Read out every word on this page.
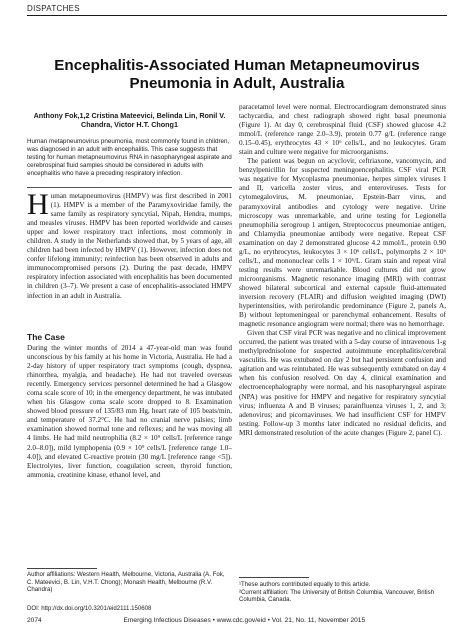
DISPATCHES
Encephalitis-Associated Human Metapneumovirus Pneumonia in Adult, Australia
Anthony Fok,1,2 Cristina Mateevici, Belinda Lin, Ronil V. Chandra, Victor H.T. Chong1
Human metapneumovirus pneumonia, most commonly found in children, was diagnosed in an adult with encephalitis. This case suggests that testing for human metapneumovirus RNA in nasopharyngeal aspirate and cerebrospinal fluid samples should be considered in adults with encephalitis who have a preceding respiratory infection.
Human metapneumovirus (HMPV) was first described in 2001 (1). HMPV is a member of the Paramyxoviridae family, the same family as respiratory syncytial, Nipah, Hendra, mumps, and measles viruses. HMPV has been reported worldwide and causes upper and lower respiratory tract infections, most commonly in children. A study in the Netherlands showed that, by 5 years of age, all children had been infected by HMPV (1). However, infection does not confer lifelong immunity; reinfection has been observed in adults and immunocompromised persons (2). During the past decade, HMPV respiratory infection associated with encephalitis has been documented in children (3–7). We present a case of encephalitis-associated HMPV infection in an adult in Australia.
The Case

During the winter months of 2014 a 47-year-old man was found unconscious by his family at his home in Victoria, Australia. He had a 2-day history of upper respiratory tract symptoms (cough, dyspnea, rhinorrhea, myalgia, and headache). He had not traveled overseas recently. Emergency services personnel determined he had a Glasgow coma scale score of 10; in the emergency department, he was intubated when his Glasgow coma scale score dropped to 8. Examination showed blood pressure of 135/83 mm Hg, heart rate of 105 beats/min, and temperature of 37.2°C. He had no cranial nerve palsies; limb examination showed normal tone and reflexes; and he was moving all 4 limbs. He had mild neutrophilia (8.2 × 10⁹ cells/L [reference range 2.0–8.0]), mild lymphopenia (0.9 × 10⁹ cells/L [reference range 1.0–4.0]), and elevated C-reactive protein (30 mg/L [reference range <5]). Electrolytes, liver function, coagulation screen, thyroid function, ammonia, creatinine kinase, ethanol level, and

Author affiliations: Western Health, Melbourne, Victoria, Australia (A. Fok, C. Mateevici, B. Lin, V.H.T. Chong); Monash Health, Melbourne (R.V. Chandra)
DOI: http://dx.doi.org/10.3201/eid2111.150608

paracetamol level were normal. Electrocardiogram demonstrated sinus tachycardia, and chest radiograph showed right basal pneumonia (Figure 1). At day 0, cerebrospinal fluid (CSF) showed glucose 4.2 mmol/L (reference range 2.0–3.9), protein 0.77 g/L (reference range 0.15–0.45), erythrocytes 43 × 10⁶ cells/L, and no leukocytes. Gram stain and culture were negative for microorganisms.

The patient was begun on acyclovir, ceftriaxone, vancomycin, and benzylpenicillin for suspected meningoencephalitis. CSF viral PCR was negative for Mycoplasma pneumoniae, herpes simplex viruses I and II, varicella zoster virus, and enteroviruses. Tests for cytomegalovirus, M. pneumoniae, Epstein-Barr virus, and paramyxoviral antibodies and cytology were negative. Urine microscopy was unremarkable, and urine testing for Legionella pneumophilia serogroup 1 antigen, Streptococcus pneumoniae antigen, and Chlamydia pneumoniae antibody were negative. Repeat CSF examination on day 2 demonstrated glucose 4.2 mmol/L, protein 0.90 g/L, no erythrocytes, leukocytes 3 × 10⁶ cells/L, polymorphs 2 × 10⁶ cells/L, and mononuclear cells 1 × 10⁶/L. Gram stain and repeat viral testing results were unremarkable. Blood cultures did not grow microorganisms. Magnetic resonance imaging (MRI) with contrast showed bilateral subcortical and external capsule fluid-attenuated inversion recovery (FLAIR) and diffusion weighted imaging (DWI) hyperintensities, with perirolandic predominance (Figure 2, panels A, B) without leptomeningeal or parenchymal enhancement. Results of magnetic resonance angiogram were normal; there was no hemorrhage.

Given that CSF viral PCR was negative and no clinical improvement occurred, the patient was treated with a 5-day course of intravenous 1-g methylprednisolone for suspected autoimmune encephalitis/cerebral vasculitis. He was extubated on day 2 but had persistent confusion and agitation and was reintubated. He was subsequently extubated on day 4 when his confusion resolved. On day 4, clinical examination and electroencephalography were normal, and his nasopharyngeal aspirate (NPA) was positive for HMPV and negative for respiratory syncytial virus; influenza A and B viruses; parainfluenza viruses 1, 2, and 3; adenovirus; and picornaviruses. We had insufficient CSF for HMPV testing. Follow-up 3 months later indicated no residual deficits, and MRI demonstrated resolution of the acute changes (Figure 2, panel C).

¹These authors contributed equally to this article.
²Current affiliation: The University of British Columbia, Vancouver, British Columbia, Canada.
2074	Emerging Infectious Diseases • www.cdc.gov/eid • Vol. 21, No. 11, November 2015
